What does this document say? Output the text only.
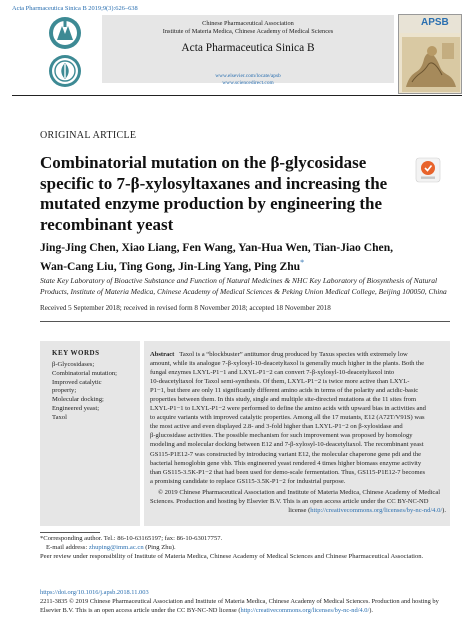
Acta Pharmaceutica Sinica B 2019;9(3):626–638
Chinese Pharmaceutical Association
Institute of Materia Medica, Chinese Academy of Medical Sciences
Acta Pharmaceutica Sinica B
www.elsevier.com/locate/apsb
www.sciencedirect.com
APSB
ORIGINAL ARTICLE
Combinatorial mutation on the β-glycosidase
specific to 7-β-xylosyltaxanes and increasing the
mutated enzyme production by engineering the
recombinant yeast
Jing-Jing Chen, Xiao Liang, Fen Wang, Yan-Hua Wen, Tian-Jiao Chen,
Wan-Cang Liu, Ting Gong, Jin-Ling Yang, Ping Zhu*
State Key Laboratory of Bioactive Substance and Function of Natural Medicines & NHC Key Laboratory of Biosynthesis of Natural
Products, Institute of Materia Medica, Chinese Academy of Medical Sciences & Peking Union Medical College, Beijing 100050, China
Received 5 September 2018; received in revised form 8 November 2018; accepted 18 November 2018
KEY WORDS
β-Glycosidases;
Combinatorial mutation;
Improved catalytic
property;
Molecular docking;
Engineered yeast;
Taxol
Abstract Taxol is a “blockbuster” antitumor drug produced by Taxus species with extremely low
amount, while its analogue 7-β-xylosyl-10-deacetyltaxol is generally much higher in the plants. Both the
fungal enzymes LXYL-P1−1 and LXYL-P1−2 can convert 7-β-xylosyl-10-deacetyltaxol into
10-deacetyltaxol for Taxol semi-synthesis. Of them, LXYL-P1−2 is twice more active than LXYL-
P1−1, but there are only 11 significantly different amino acids in terms of the polarity and acidic-basic
properties between them. In this study, single and multiple site-directed mutations at the 11 sites from
LXYL-P1−1 to LXYL-P1−2 were performed to define the amino acids with upward bias in activities and
to acquire variants with improved catalytic properties. Among all the 17 mutants, E12 (A72T/V91S) was
the most active and even displayed 2.8- and 3-fold higher than LXYL-P1−2 on β-xylosidase and
β-glucosidase activities. The possible mechanism for such improvement was proposed by homology
modeling and molecular docking between E12 and 7-β-xylosyl-10-deacetyltaxol. The recombinant yeast
GS115-P1E12-7 was constructed by introducing variant E12, the molecular chaperone gene pdi and the
bacterial hemoglobin gene vhb. This engineered yeast rendered 4 times higher biomass enzyme activity
than GS115-3.5K-P1−2 that had been used for demo-scale fermentation. Thus, GS115-P1E12-7 becomes
a promising candidate to replace GS115-3.5K-P1−2 for industrial purpose.
© 2019 Chinese Pharmaceutical Association and Institute of Materia Medica, Chinese Academy of Medical
Sciences. Production and hosting by Elsevier B.V. This is an open access article under the CC BY-NC-ND
license (http://creativecommons.org/licenses/by-nc-nd/4.0/).
*Corresponding author. Tel.: 86-10-63165197; fax: 86-10-63017757.
E-mail address: zhuping@imm.ac.cn (Ping Zhu).
Peer review under responsibility of Institute of Materia Medica, Chinese Academy of Medical Sciences and Chinese Pharmaceutical Association.
https://doi.org/10.1016/j.apsb.2018.11.003
2211-3835 © 2019 Chinese Pharmaceutical Association and Institute of Materia Medica, Chinese Academy of Medical Sciences. Production and hosting by
Elsevier B.V. This is an open access article under the CC BY-NC-ND license (http://creativecommons.org/licenses/by-nc-nd/4.0/).
